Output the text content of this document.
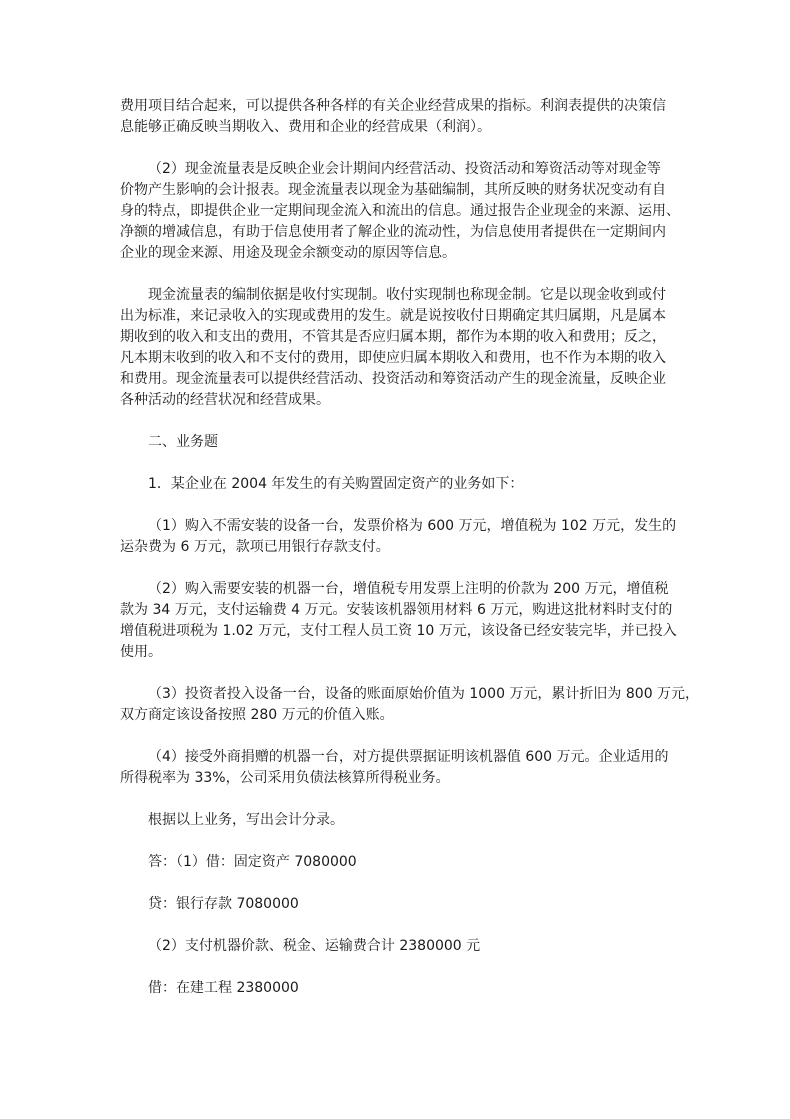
费用项目结合起来，可以提供各种各样的有关企业经营成果的指标。利润表提供的决策信
息能够正确反映当期收入、费用和企业的经营成果（利润）。
（2）现金流量表是反映企业会计期间内经营活动、投资活动和筹资活动等对现金等
价物产生影响的会计报表。现金流量表以现金为基础编制，其所反映的财务状况变动有自
身的特点，即提供企业一定期间现金流入和流出的信息。通过报告企业现金的来源、运用、
净额的增减信息，有助于信息使用者了解企业的流动性，为信息使用者提供在一定期间内
企业的现金来源、用途及现金余额变动的原因等信息。
现金流量表的编制依据是收付实现制。收付实现制也称现金制。它是以现金收到或付
出为标准，来记录收入的实现或费用的发生。就是说按收付日期确定其归属期，凡是属本
期收到的收入和支出的费用，不管其是否应归属本期，都作为本期的收入和费用；反之，
凡本期末收到的收入和不支付的费用，即使应归属本期收入和费用，也不作为本期的收入
和费用。现金流量表可以提供经营活动、投资活动和筹资活动产生的现金流量，反映企业
各种活动的经营状况和经营成果。
二、业务题
1．某企业在 2004 年发生的有关购置固定资产的业务如下：
（1）购入不需安装的设备一台，发票价格为 600 万元，增值税为 102 万元，发生的
运杂费为 6 万元，款项已用银行存款支付。
（2）购入需要安装的机器一台，增值税专用发票上注明的价款为 200 万元，增值税
款为 34 万元，支付运输费 4 万元。安装该机器领用材料 6 万元，购进这批材料时支付的
增值税进项税为 1.02 万元，支付工程人员工资 10 万元，该设备已经安装完毕，并已投入
使用。
（3）投资者投入设备一台，设备的账面原始价值为 1000 万元，累计折旧为 800 万元，
双方商定该设备按照 280 万元的价值入账。
（4）接受外商捐赠的机器一台，对方提供票据证明该机器值 600 万元。企业适用的
所得税率为 33%，公司采用负债法核算所得税业务。
根据以上业务，写出会计分录。
答：（1）借：固定资产 7080000
贷：银行存款 7080000
（2）支付机器价款、税金、运输费合计 2380000 元
借：在建工程 2380000
